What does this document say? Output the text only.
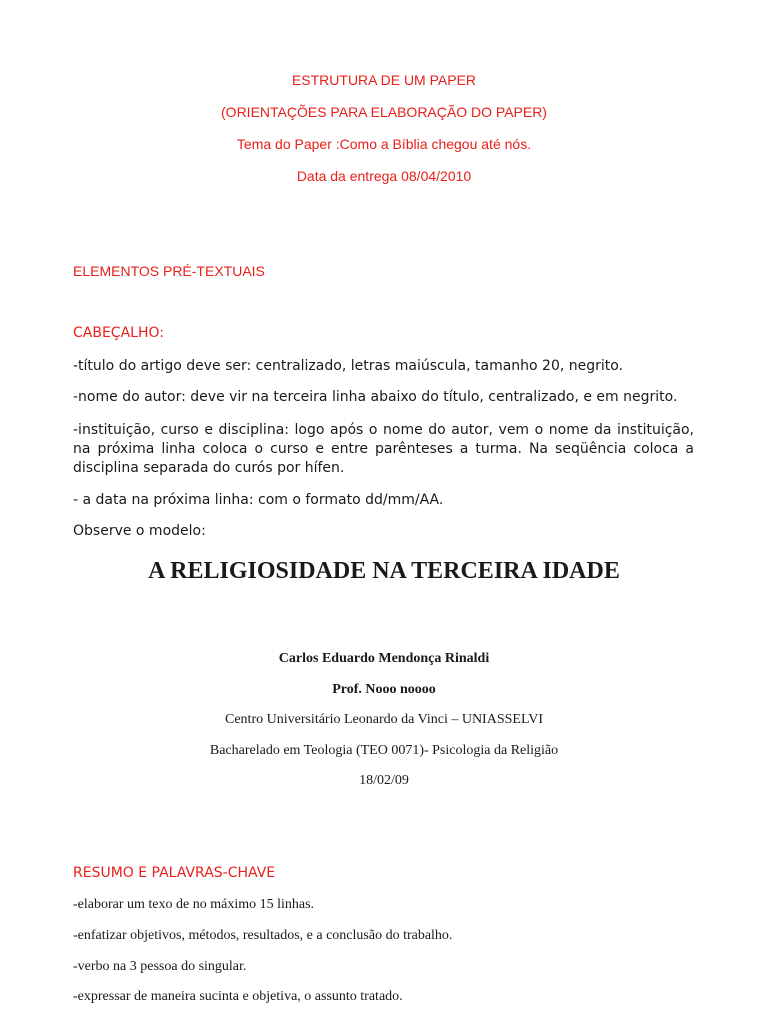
ESTRUTURA DE UM PAPER

(ORIENTAÇÕES PARA ELABORAÇÃO DO PAPER)

Tema do Paper :Como a Bíblia chegou até nós.

Data da entrega 08/04/2010

ELEMENTOS PRÉ-TEXTUAIS

CABEÇALHO:

-título do artigo deve ser: centralizado, letras maiúscula, tamanho 20, negrito.

-nome do autor: deve vir na terceira linha abaixo do título, centralizado, e em negrito.

-instituição, curso e disciplina: logo após o nome do autor, vem o nome da instituição, na próxima linha coloca o curso e entre parênteses a turma. Na seqüência coloca a disciplina separada do curós por hífen.

- a data na próxima linha: com o formato dd/mm/AA.

Observe o modelo:

A RELIGIOSIDADE NA TERCEIRA IDADE

Carlos Eduardo Mendonça Rinaldi

Prof. Nooo noooo

Centro Universitário Leonardo da Vinci – UNIASSELVI

Bacharelado em Teologia (TEO 0071)- Psicologia da Religião

18/02/09

RESUMO E PALAVRAS-CHAVE

-elaborar um texo de no máximo 15 linhas.

-enfatizar objetivos, métodos, resultados, e a conclusão do trabalho.

-verbo na 3 pessoa do singular.

-expressar de maneira sucinta e objetiva, o assunto tratado.
